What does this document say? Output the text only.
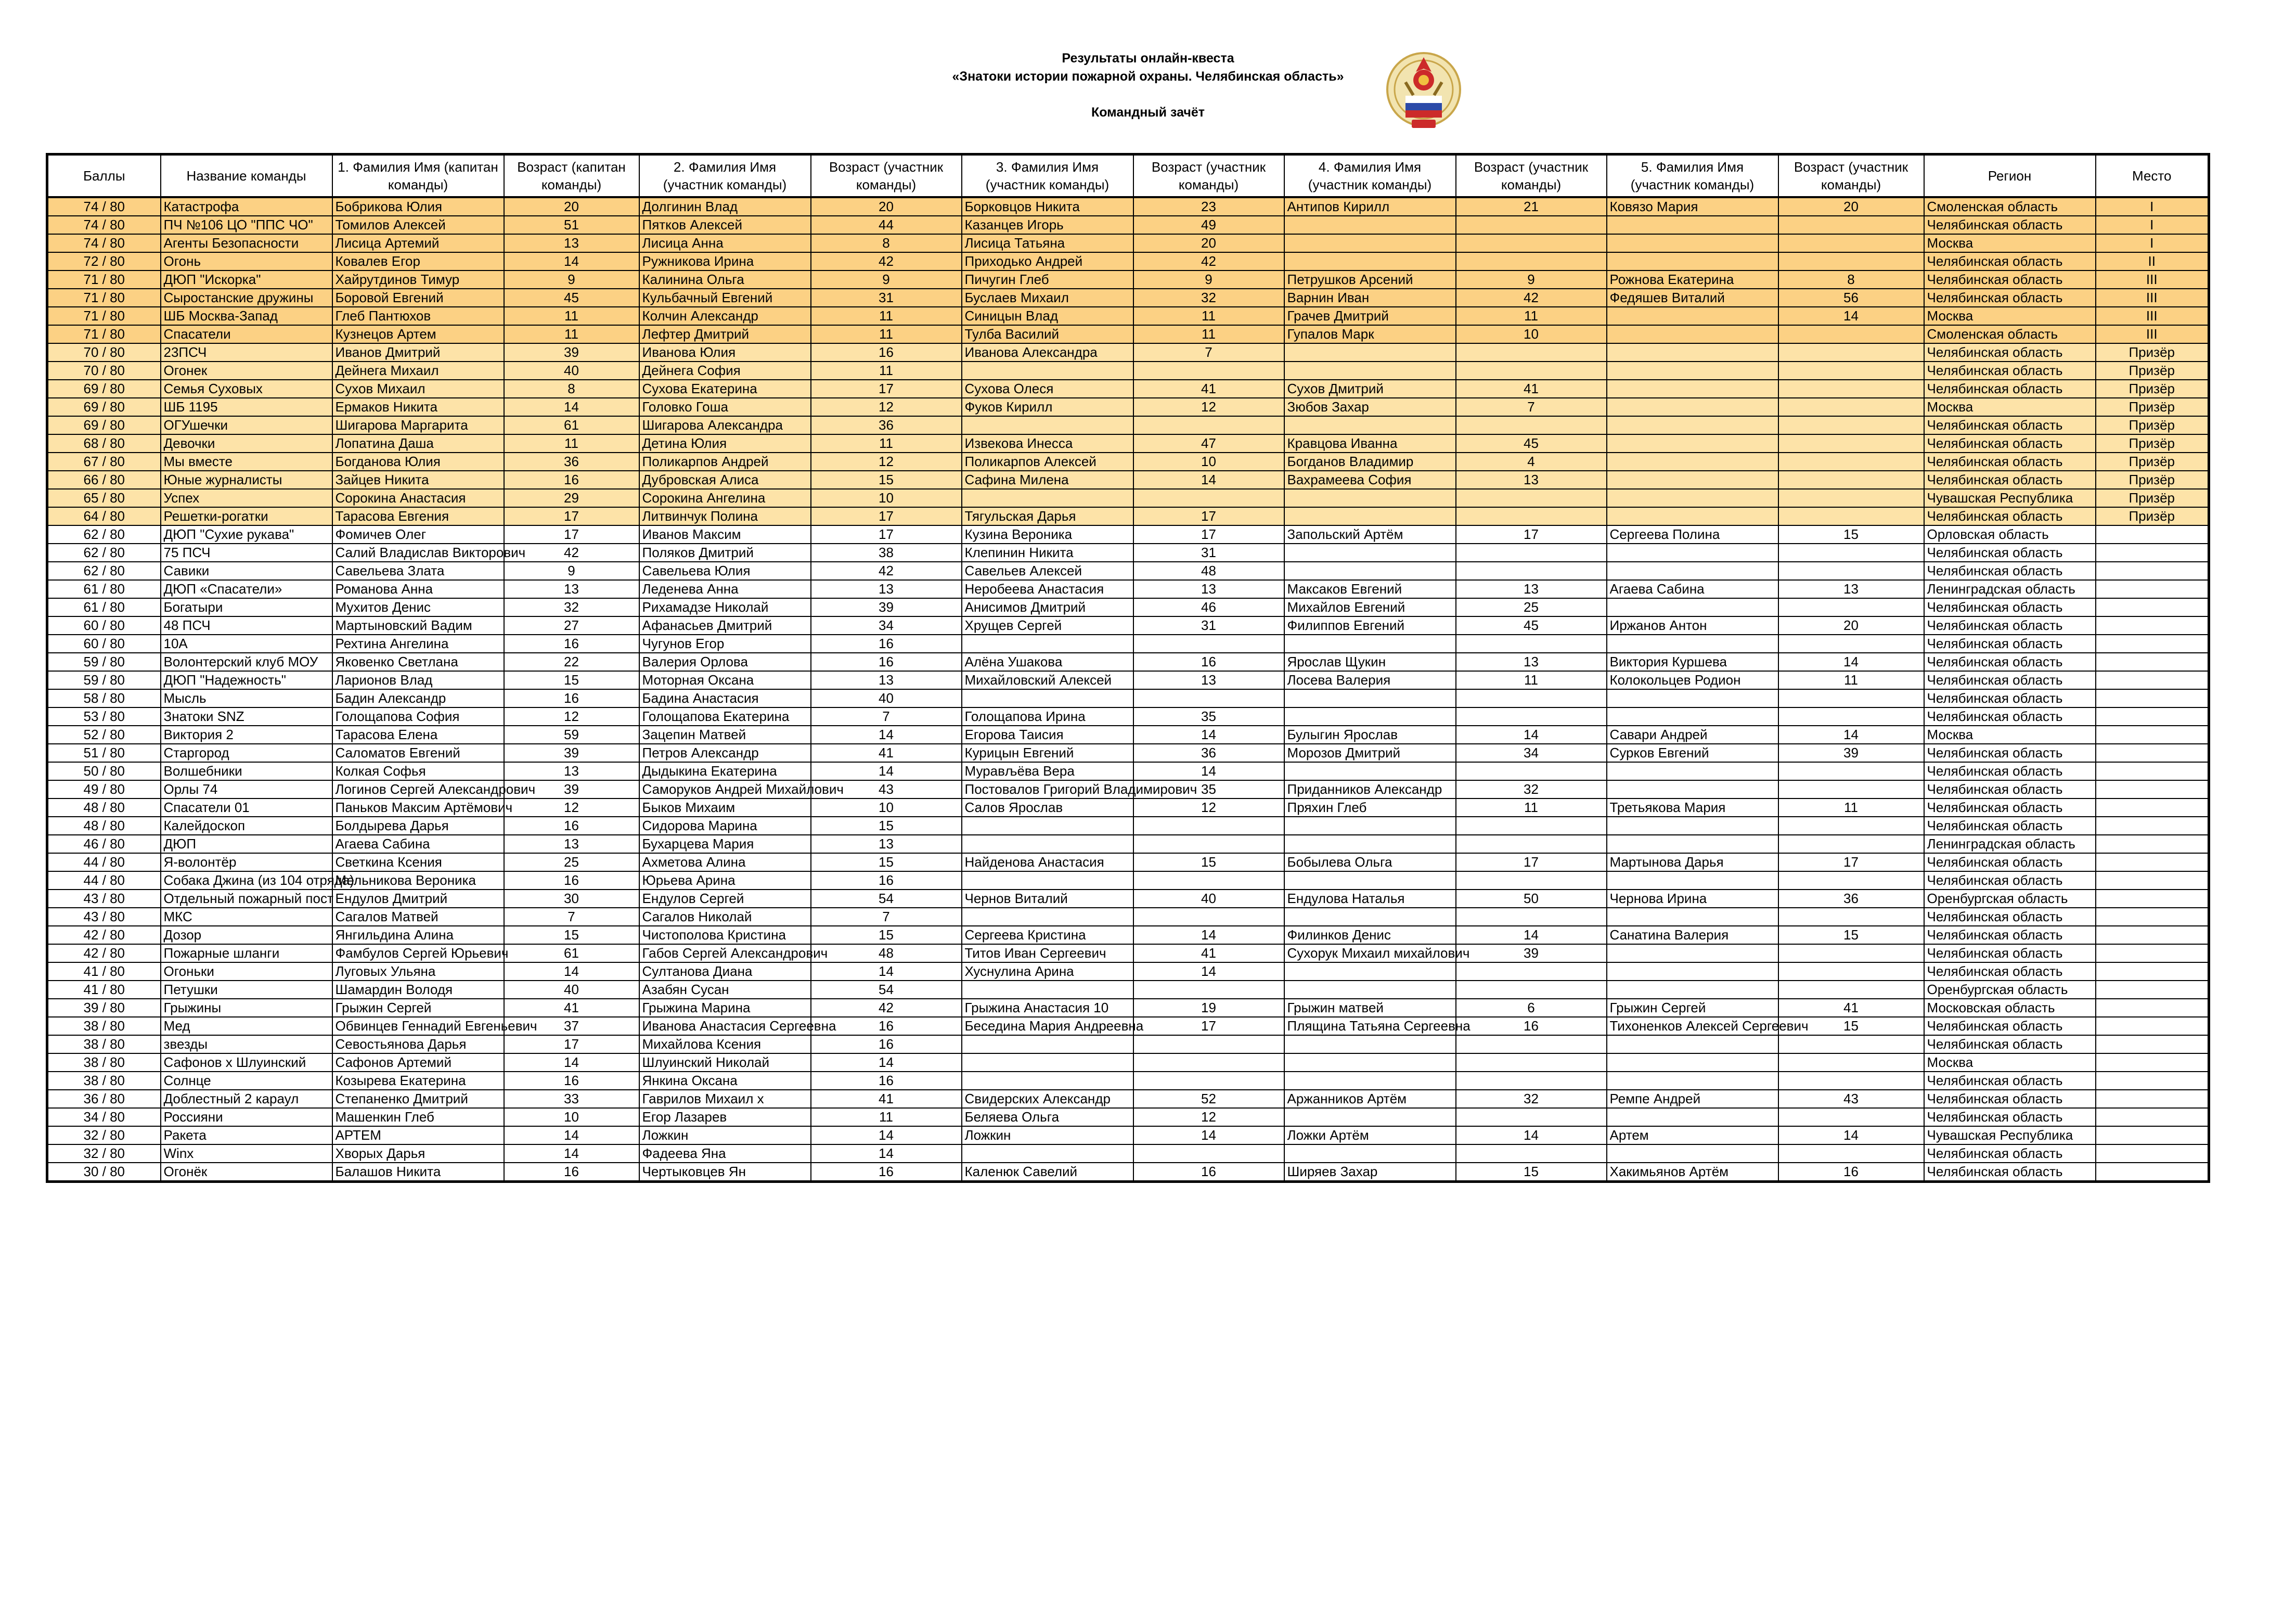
Результаты онлайн-квеста
«Знатоки истории пожарной охраны. Челябинская область»
Командный зачёт
Баллы	Название команды	1. Фамилия Имя (капитан команды)	Возраст (капитан команды)	2. Фамилия Имя (участник команды)	Возраст (участник команды)	3. Фамилия Имя (участник команды)	Возраст (участник команды)	4. Фамилия Имя (участник команды)	Возраст (участник команды)	5. Фамилия Имя (участник команды)	Возраст (участник команды)	Регион	Место
74 / 80	Катастрофа	Бобрикова Юлия	20	Долгинин Влад	20	Борковцов Никита	23	Антипов Кирилл	21	Ковязо Мария	20	Смоленская область	I
74 / 80	ПЧ №106 ЦО "ППС ЧО"	Томилов Алексей	51	Пятков Алексей	44	Казанцев Игорь	49					Челябинская область	I
74 / 80	Агенты Безопасности	Лисица Артемий	13	Лисица Анна	8	Лисица Татьяна	20					Москва	I
72 / 80	Огонь	Ковалев Егор	14	Ружникова Ирина	42	Приходько Андрей	42					Челябинская область	II
71 / 80	ДЮП "Искорка"	Хайрутдинов Тимур	9	Калинина Ольга	9	Пичугин Глеб	9	Петрушков Арсений	9	Рожнова Екатерина	8	Челябинская область	III
71 / 80	Сыростанские дружины	Боровой Евгений	45	Кульбачный Евгений	31	Буслаев Михаил	32	Варнин Иван	42	Федяшев Виталий	56	Челябинская область	III
71 / 80	ШБ Москва-Запад	Глеб Пантюхов	11	Колчин Александр	11	Синицын Влад	11	Грачев Дмитрий	11		14	Москва	III
71 / 80	Спасатели	Кузнецов Артем	11	Лефтер Дмитрий	11	Тулба Василий	11	Гупалов Марк	10			Смоленская область	III
70 / 80	23ПСЧ	Иванов Дмитрий	39	Иванова Юлия	16	Иванова Александра	7					Челябинская область	Призёр
70 / 80	Огонек	Дейнега Михаил	40	Дейнега София	11							Челябинская область	Призёр
69 / 80	Семья Суховых	Сухов Михаил	8	Сухова Екатерина	17	Сухова Олеся	41	Сухов Дмитрий	41			Челябинская область	Призёр
69 / 80	ШБ 1195	Ермаков Никита	14	Головко Гоша	12	Фуков Кирилл	12	Зюбов Захар	7			Москва	Призёр
69 / 80	ОГУшечки	Шигарова Маргарита	61	Шигарова Александра	36							Челябинская область	Призёр
68 / 80	Девочки	Лопатина Даша	11	Детина Юлия	11	Извекова Инесса	47	Кравцова Иванна	45			Челябинская область	Призёр
67 / 80	Мы вместе	Богданова Юлия	36	Поликарпов Андрей	12	Поликарпов Алексей	10	Богданов Владимир	4			Челябинская область	Призёр
66 / 80	Юные журналисты	Зайцев Никита	16	Дубровская Алиса	15	Сафина Милена	14	Вахрамеева София	13			Челябинская область	Призёр
65 / 80	Успех	Сорокина Анастасия	29	Сорокина Ангелина	10							Чувашская Республика	Призёр
64 / 80	Решетки-рогатки	Тарасова Евгения	17	Литвинчук Полина	17	Тягульская Дарья	17					Челябинская область	Призёр
62 / 80	ДЮП "Сухие рукава"	Фомичев Олег	17	Иванов Максим	17	Кузина Вероника	17	Запольский Артём	17	Сергеева Полина	15	Орловская область	
62 / 80	75 ПСЧ	Салий Владислав Викторович	42	Поляков Дмитрий	38	Клепинин Никита	31					Челябинская область	
62 / 80	Савики	Савельева Злата	9	Савельева Юлия	42	Савельев Алексей	48					Челябинская область	
61 / 80	ДЮП «Спасатели»	Романова Анна	13	Леденева Анна	13	Неробеева Анастасия	13	Максаков Евгений	13	Агаева Сабина	13	Ленинградская область	
61 / 80	Богатыри	Мухитов Денис	32	Рихамадзе Николай	39	Анисимов Дмитрий	46	Михайлов Евгений	25			Челябинская область	
60 / 80	48 ПСЧ	Мартыновский Вадим	27	Афанасьев Дмитрий	34	Хрущев Сергей	31	Филиппов Евгений	45	Иржанов Антон	20	Челябинская область	
60 / 80	10А	Рехтина Ангелина	16	Чугунов Егор	16							Челябинская область	
59 / 80	Волонтерский клуб МОУ	Яковенко Светлана	22	Валерия Орлова	16	Алёна Ушакова	16	Ярослав Щукин	13	Виктория Куршева	14	Челябинская область	
59 / 80	ДЮП "Надежность"	Ларионов Влад	15	Моторная Оксана	13	Михайловский Алексей	13	Лосева Валерия	11	Колокольцев Родион	11	Челябинская область	
58 / 80	Мысль	Бадин Александр	16	Бадина Анастасия	40							Челябинская область	
53 / 80	Знатоки SNZ	Голощапова София	12	Голощапова Екатерина	7	Голощапова Ирина	35					Челябинская область	
52 / 80	Виктория 2	Тарасова Елена	59	Зацепин Матвей	14	Егорова Таисия	14	Булыгин Ярослав	14	Савари Андрей	14	Москва	
51 / 80	Старгород	Саломатов Евгений	39	Петров Александр	41	Курицын Евгений	36	Морозов Дмитрий	34	Сурков Евгений	39	Челябинская область	
50 / 80	Волшебники	Колкая Софья	13	Дыдыкина Екатерина	14	Мурављёва Вера	14					Челябинская область	
49 / 80	Орлы 74	Логинов Сергей Александрович	39	Саморуков Андрей Михайлович	43	Постовалов Григорий Владимирович	35	Приданников Александр	32			Челябинская область	
48 / 80	Спасатели 01	Паньков Максим Артёмович	12	Быков Михаим	10	Салов Ярослав	12	Пряхин Глеб	11	Третьякова Мария	11	Челябинская область	
48 / 80	Калейдоскоп	Болдырева Дарья	16	Сидорова Марина	15							Челябинская область	
46 / 80	ДЮП	Агаева Сабина	13	Бухарцева Мария	13							Ленинградская область	
44 / 80	Я-волонтёр	Светкина Ксения	25	Ахметова Алина	15	Найденова Анастасия	15	Бобылева Ольга	17	Мартынова Дарья	17	Челябинская область	
44 / 80	Собака Джина (из 104 отряда)	Мельникова Вероника	16	Юрьева Арина	16							Челябинская область	
43 / 80	Отдельный пожарный пост	Ендулов Дмитрий	30	Ендулов Сергей	54	Чернов Виталий	40	Ендулова Наталья	50	Чернова Ирина	36	Оренбургская область	
43 / 80	МКС	Сагалов Матвей	7	Сагалов Николай	7							Челябинская область	
42 / 80	Дозор	Янгильдина Алина	15	Чистополова Кристина	15	Сергеева Кристина	14	Филинков Денис	14	Санатина Валерия	15	Челябинская область	
42 / 80	Пожарные шланги	Фамбулов Сергей Юрьевич	61	Габов Сергей Александрович	48	Титов Иван Сергеевич	41	Сухорук Михаил михайлович	39			Челябинская область	
41 / 80	Огоньки	Луговых Ульяна	14	Султанова Диана	14	Хуснулина Арина	14					Челябинская область	
41 / 80	Петушки	Шамардин Володя	40	Азабян Сусан	54							Оренбургская область	
39 / 80	Грыжины	Грыжин Сергей	41	Грыжина Марина	42	Грыжина Анастасия 10	19	Грыжин матвей	6	Грыжин Сергей	41	Московская область	
38 / 80	Мед	Обвинцев Геннадий Евгеньевич	37	Иванова Анастасия Сергеевна	16	Беседина Мария Андреевна	17	Плящина Татьяна Сергеевна	16	Тихоненков Алексей Сергеевич	15	Челябинская область	
38 / 80	звезды	Севостьянова Дарья	17	Михайлова Ксения	16							Челябинская область	
38 / 80	Сафонов x Шлуинский	Сафонов Артемий	14	Шлуинский Николай	14							Москва	
38 / 80	Солнце	Козырева Екатерина	16	Янкина Оксана	16							Челябинская область	
36 / 80	Доблестный 2 караул	Степаненко Дмитрий	33	Гаврилов Михаил х	41	Свидерских Александр	52	Аржанников Артём	32	Ремпе Андрей	43	Челябинская область	
34 / 80	Россияни	Машенкин Глеб	10	Егор Лазарев	11	Беляева Ольга	12					Челябинская область	
32 / 80	Ракета	АРТЕМ	14	Ложкин	14	Ложкин	14	Ложки Артём	14	Артем	14	Чувашская Республика	
32 / 80	Winx	Хворых Дарья	14	Фадеева Яна	14							Челябинская область	
30 / 80	Огонёк	Балашов Никита	16	Чертыковцев Ян	16	Каленюк Савелий	16	Ширяев Захар	15	Хакимьянов Артём	16	Челябинская область	
